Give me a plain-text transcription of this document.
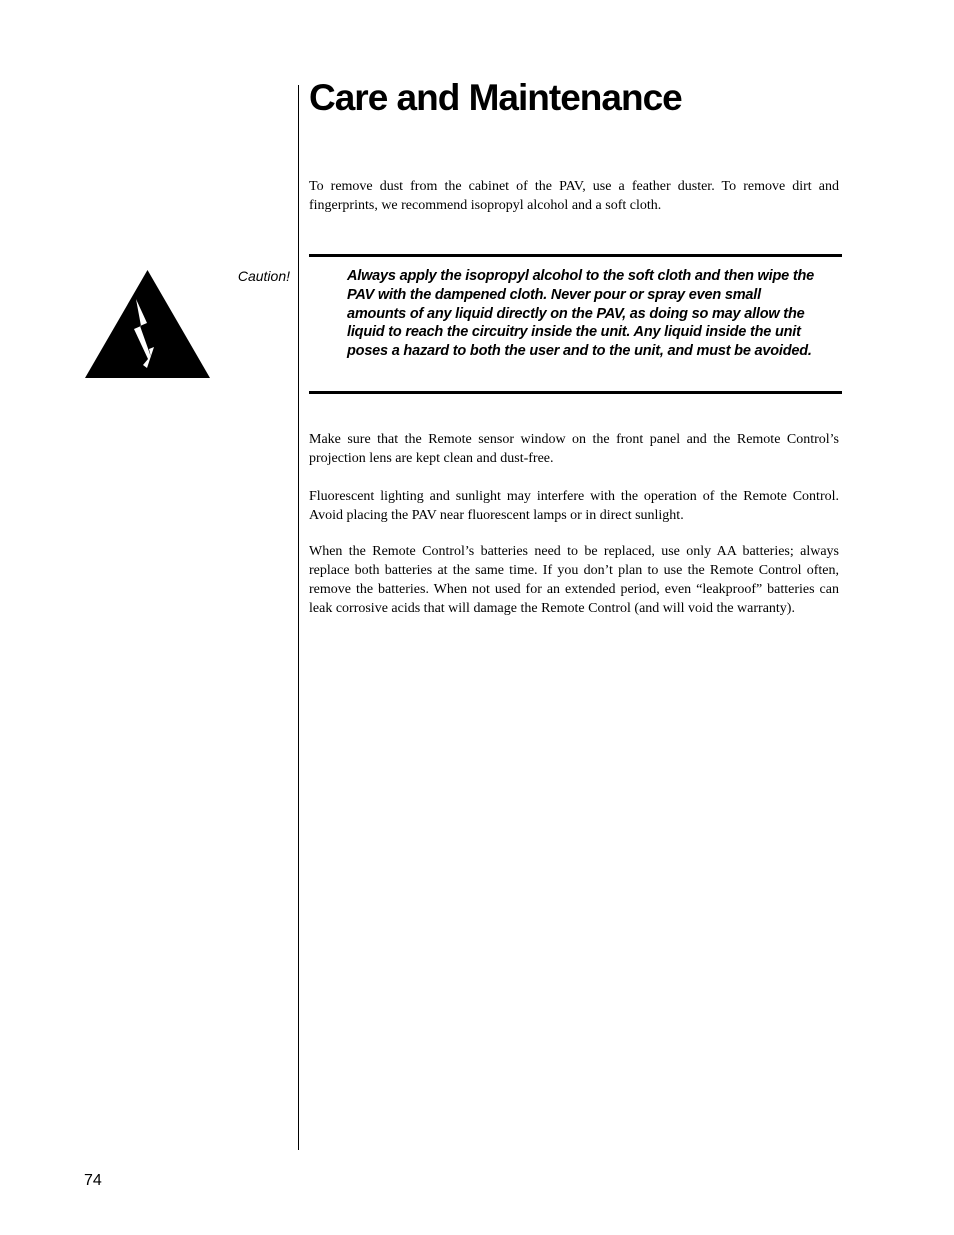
Care and Maintenance

To remove dust from the cabinet of the PAV, use a feather duster. To remove dirt and fingerprints, we recommend isopropyl alcohol and a soft cloth.

Caution!	Always apply the isopropyl alcohol to the soft cloth and then wipe the PAV with the dampened cloth. Never pour or spray even small amounts of any liquid directly on the PAV, as doing so may allow the liquid to reach the circuitry inside the unit. Any liquid inside the unit poses a hazard to both the user and to the unit, and must be avoided.

Make sure that the Remote sensor window on the front panel and the Remote Control’s projection lens are kept clean and dust-free.

Fluorescent lighting and sunlight may interfere with the operation of the Remote Control. Avoid placing the PAV near fluorescent lamps or in direct sunlight.

When the Remote Control’s batteries need to be replaced, use only AA batteries; always replace both batteries at the same time. If you don’t plan to use the Remote Control often, remove the batteries. When not used for an extended period, even “leakproof” batteries can leak corrosive acids that will damage the Remote Control (and will void the warranty).

74
